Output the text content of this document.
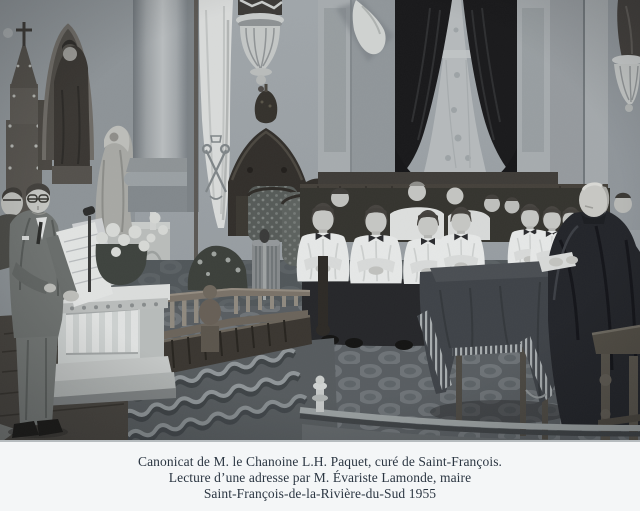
Canonicat de M. le Chanoine L.H. Paquet, curé de Saint-François.

Lecture d’une adresse par M. Évariste Lamonde, maire

Saint-François-de-la-Rivière-du-Sud 1955
